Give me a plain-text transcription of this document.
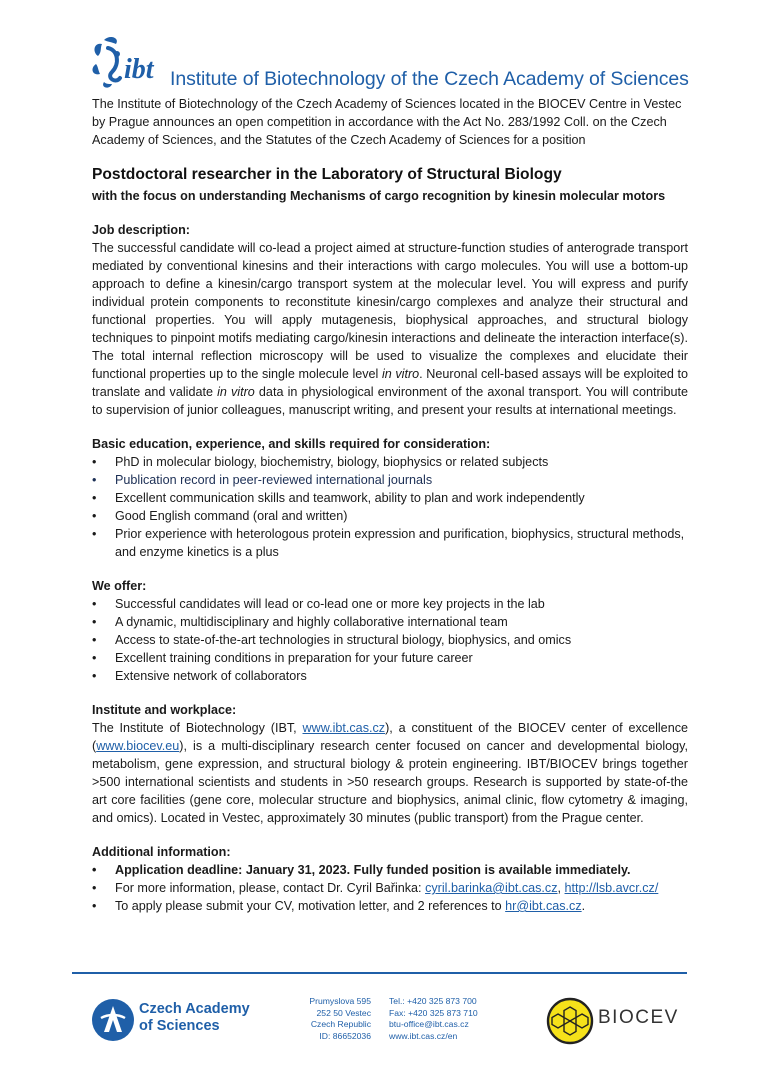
ibt Institute of Biotechnology of the Czech Academy of Sciences

The Institute of Biotechnology of the Czech Academy of Sciences located in the BIOCEV Centre in Vestec by Prague announces an open competition in accordance with the Act No. 283/1992 Coll. on the Czech Academy of Sciences, and the Statutes of the Czech Academy of Sciences for a position

Postdoctoral researcher in the Laboratory of Structural Biology
with the focus on understanding Mechanisms of cargo recognition by kinesin molecular motors
Job description:

The successful candidate will co-lead a project aimed at structure-function studies of anterograde transport mediated by conventional kinesins and their interactions with cargo molecules. You will use a bottom-up approach to define a kinesin/cargo transport system at the molecular level. You will express and purify individual protein components to reconstitute kinesin/cargo complexes and analyze their structural and functional properties. You will apply mutagenesis, biophysical approaches, and structural biology techniques to pinpoint motifs mediating cargo/kinesin interactions and delineate the interaction interface(s). The total internal reflection microscopy will be used to visualize the complexes and elucidate their functional properties up to the single molecule level in vitro. Neuronal cell-based assays will be exploited to translate and validate in vitro data in physiological environment of the axonal transport. You will contribute to supervision of junior colleagues, manuscript writing, and present your results at international meetings.

Basic education, experience, and skills required for consideration:
• PhD in molecular biology, biochemistry, biology, biophysics or related subjects
• Publication record in peer-reviewed international journals
• Excellent communication skills and teamwork, ability to plan and work independently
• Good English command (oral and written)
• Prior experience with heterologous protein expression and purification, biophysics, structural methods, and enzyme kinetics is a plus
We offer:
• Successful candidates will lead or co-lead one or more key projects in the lab
• A dynamic, multidisciplinary and highly collaborative international team
• Access to state-of-the-art technologies in structural biology, biophysics, and omics
• Excellent training conditions in preparation for your future career
• Extensive network of collaborators
Institute and workplace:

The Institute of Biotechnology (IBT, www.ibt.cas.cz), a constituent of the BIOCEV center of excellence (www.biocev.eu), is a multi-disciplinary research center focused on cancer and developmental biology, metabolism, gene expression, and structural biology & protein engineering. IBT/BIOCEV brings together >500 international scientists and students in >50 research groups. Research is supported by state-of-the art core facilities (gene core, molecular structure and biophysics, animal clinic, flow cytometry & imaging, and omics). Located in Vestec, approximately 30 minutes (public transport) from the Prague center.

Additional information:
• Application deadline: January 31, 2023. Fully funded position is available immediately.
• For more information, please, contact Dr. Cyril Bařinka: cyril.barinka@ibt.cas.cz, http://lsb.avcr.cz/
• To apply please submit your CV, motivation letter, and 2 references to hr@ibt.cas.cz.
Czech Academy
of Sciences
Prumyslova 595
252 50 Vestec
Czech Republic
ID: 86652036
Tel.: +420 325 873 700
Fax: +420 325 873 710
btu-office@ibt.cas.cz
www.ibt.cas.cz/en
BIOCEV
